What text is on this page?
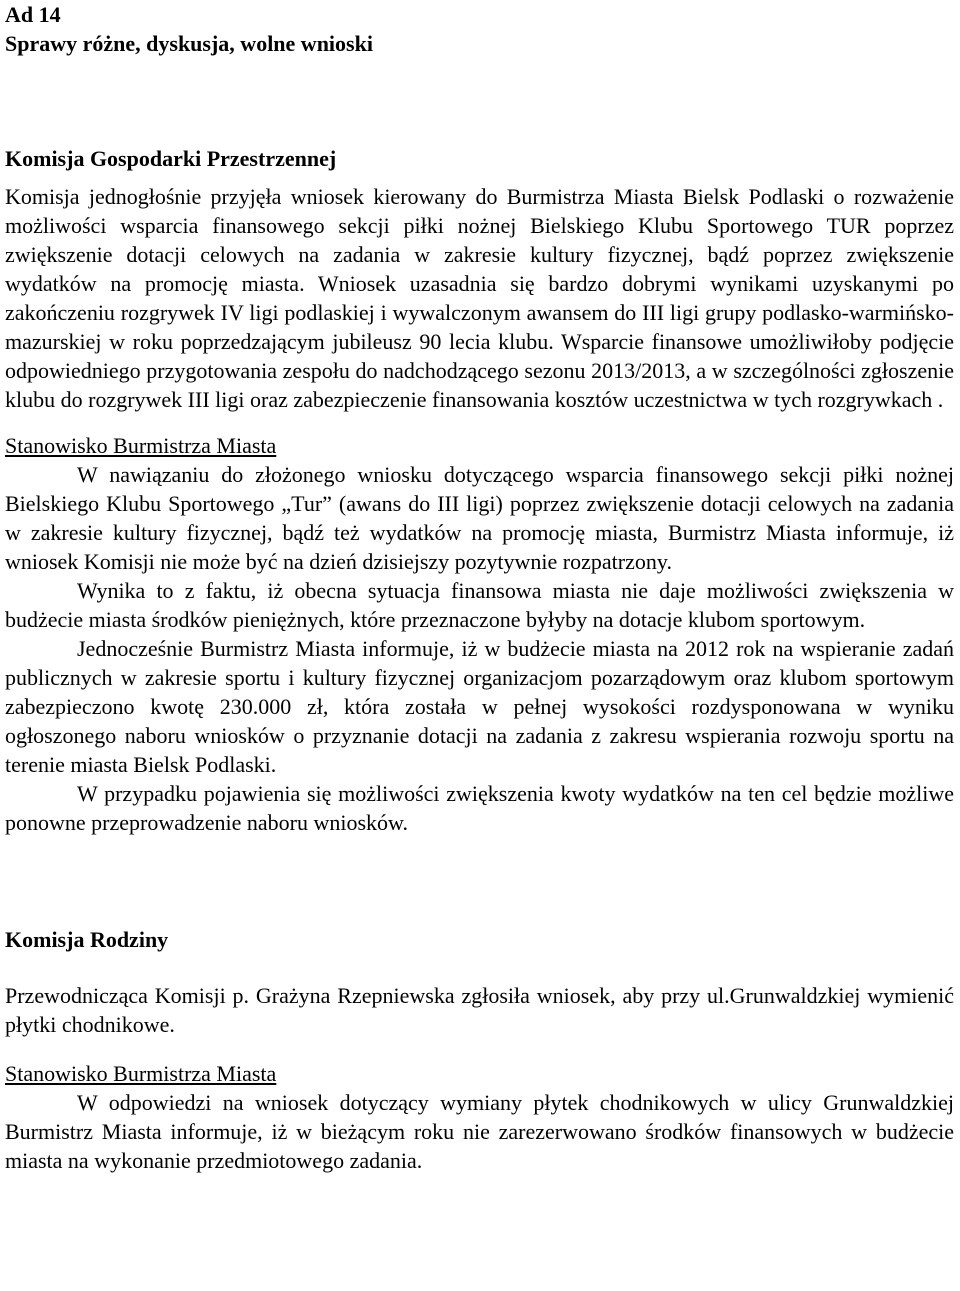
Ad 14
Sprawy różne, dyskusja, wolne wnioski
Komisja Gospodarki Przestrzennej

Komisja jednogłośnie przyjęła wniosek kierowany do Burmistrza Miasta Bielsk Podlaski o rozważenie możliwości wsparcia finansowego sekcji piłki nożnej Bielskiego Klubu Sportowego TUR poprzez zwiększenie dotacji celowych na zadania w zakresie kultury fizycznej, bądź poprzez zwiększenie wydatków na promocję miasta. Wniosek uzasadnia się bardzo dobrymi wynikami uzyskanymi po zakończeniu rozgrywek IV ligi podlaskiej i wywalczonym awansem do III ligi grupy podlasko-warmińsko-mazurskiej w roku poprzedzającym jubileusz 90 lecia klubu. Wsparcie finansowe umożliwiłoby podjęcie odpowiedniego przygotowania zespołu do nadchodzącego sezonu 2013/2013, a w szczególności zgłoszenie klubu do rozgrywek III ligi oraz zabezpieczenie finansowania kosztów uczestnictwa w tych rozgrywkach .

Stanowisko Burmistrza Miasta

W nawiązaniu do złożonego wniosku dotyczącego wsparcia finansowego sekcji piłki nożnej Bielskiego Klubu Sportowego „Tur” (awans do III ligi) poprzez zwiększenie dotacji celowych na zadania w zakresie kultury fizycznej, bądź też wydatków na promocję miasta, Burmistrz Miasta informuje, iż wniosek Komisji nie może być na dzień dzisiejszy pozytywnie rozpatrzony.

Wynika to z faktu, iż obecna sytuacja finansowa miasta nie daje możliwości zwiększenia w budżecie miasta środków pieniężnych, które przeznaczone byłyby na dotacje klubom sportowym.

Jednocześnie Burmistrz Miasta informuje, iż w budżecie miasta na 2012 rok na wspieranie zadań publicznych w zakresie sportu i kultury fizycznej organizacjom pozarządowym oraz klubom sportowym zabezpieczono kwotę 230.000 zł, która została w pełnej wysokości rozdysponowana w wyniku ogłoszonego naboru wniosków o przyznanie dotacji na zadania z zakresu wspierania rozwoju sportu na terenie miasta Bielsk Podlaski.

W przypadku pojawienia się możliwości zwiększenia kwoty wydatków na ten cel będzie możliwe ponowne przeprowadzenie naboru wniosków.

Komisja Rodziny

Przewodnicząca Komisji p. Grażyna Rzepniewska zgłosiła wniosek, aby przy ul.Grunwaldzkiej wymienić płytki chodnikowe.

Stanowisko Burmistrza Miasta

W odpowiedzi na wniosek dotyczący wymiany płytek chodnikowych w ulicy Grunwaldzkiej Burmistrz Miasta informuje, iż w bieżącym roku nie zarezerwowano środków finansowych w budżecie miasta na wykonanie przedmiotowego zadania.
